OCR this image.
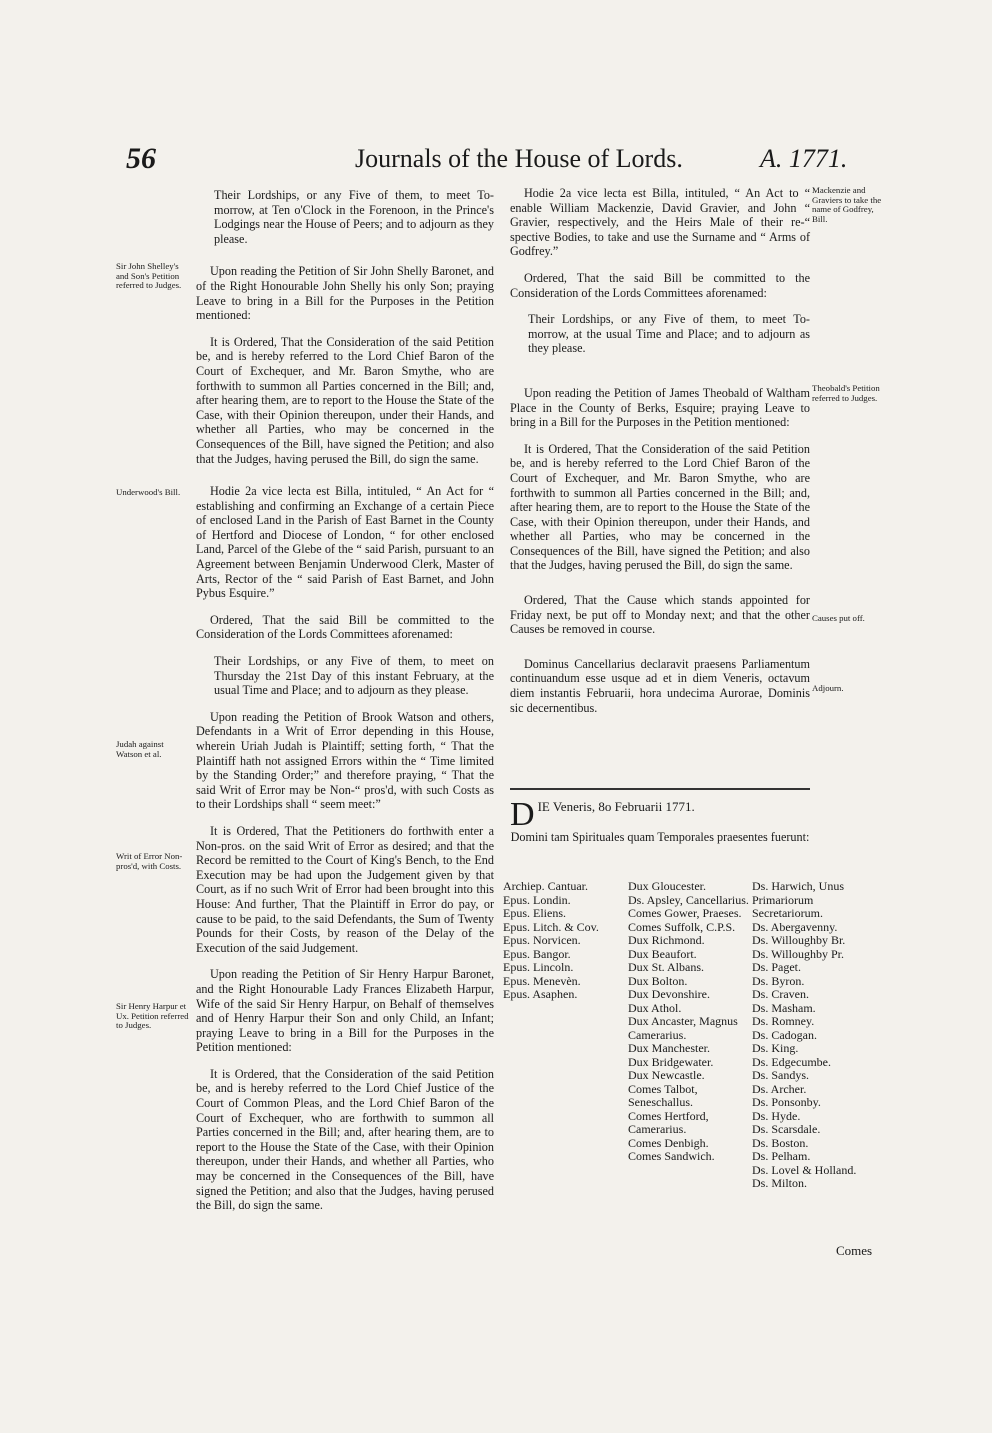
56	Journals of the House of Lords.	A. 1771.
Sir John Shelley's and Son's Petition referred to Judges.
Underwood's Bill.
Judah against Watson et al.
Writ of Error Non-pros'd, with Costs.
Sir Henry Harpur et Ux. Petition referred to Judges.

Their Lordships, or any Five of them, to meet To-morrow, at Ten o'Clock in the Forenoon, in the Prince's Lodgings near the House of Peers; and to adjourn as they please.

Upon reading the Petition of Sir John Shelly Baronet, and of the Right Honourable John Shelly his only Son; praying Leave to bring in a Bill for the Purposes in the Petition mentioned:

It is Ordered, That the Consideration of the said Petition be, and is hereby referred to the Lord Chief Baron of the Court of Exchequer, and Mr. Baron Smythe, who are forthwith to summon all Parties concerned in the Bill; and, after hearing them, are to report to the House the State of the Case, with their Opinion thereupon, under their Hands, and whether all Parties, who may be concerned in the Consequences of the Bill, have signed the Petition; and also that the Judges, having perused the Bill, do sign the same.

Hodie 2a vice lecta est Billa, intituled, “ An Act for “ establishing and confirming an Exchange of a certain Piece of enclosed Land in the Parish of East Barnet in the County of Hertford and Diocese of London, “ for other enclosed Land, Parcel of the Glebe of the “ said Parish, pursuant to an Agreement between Benjamin Underwood Clerk, Master of Arts, Rector of the “ said Parish of East Barnet, and John Pybus Esquire.”

Ordered, That the said Bill be committed to the Consideration of the Lords Committees aforenamed:

Their Lordships, or any Five of them, to meet on Thursday the 21st Day of this instant February, at the usual Time and Place; and to adjourn as they please.

Upon reading the Petition of Brook Watson and others, Defendants in a Writ of Error depending in this House, wherein Uriah Judah is Plaintiff; setting forth, “ That the Plaintiff hath not assigned Errors within the “ Time limited by the Standing Order;” and therefore praying, “ That the said Writ of Error may be Non-“ pros'd, with such Costs as to their Lordships shall “ seem meet:”

It is Ordered, That the Petitioners do forthwith enter a Non-pros. on the said Writ of Error as desired; and that the Record be remitted to the Court of King's Bench, to the End Execution may be had upon the Judgement given by that Court, as if no such Writ of Error had been brought into this House: And further, That the Plaintiff in Error do pay, or cause to be paid, to the said Defendants, the Sum of Twenty Pounds for their Costs, by reason of the Delay of the Execution of the said Judgement.

Upon reading the Petition of Sir Henry Harpur Baronet, and the Right Honourable Lady Frances Elizabeth Harpur, Wife of the said Sir Henry Harpur, on Behalf of themselves and of Henry Harpur their Son and only Child, an Infant; praying Leave to bring in a Bill for the Purposes in the Petition mentioned:

It is Ordered, that the Consideration of the said Petition be, and is hereby referred to the Lord Chief Justice of the Court of Common Pleas, and the Lord Chief Baron of the Court of Exchequer, who are forthwith to summon all Parties concerned in the Bill; and, after hearing them, are to report to the House the State of the Case, with their Opinion thereupon, under their Hands, and whether all Parties, who may be concerned in the Consequences of the Bill, have signed the Petition; and also that the Judges, having perused the Bill, do sign the same.

Mackenzie and Graviers to take the name of Godfrey, Bill.
Theobald's Petition referred to Judges.
Causes put off.
Adjourn.

Hodie 2a vice lecta est Billa, intituled, “ An Act to “ enable William Mackenzie, David Gravier, and John “ Gravier, respectively, and the Heirs Male of their re-“ spective Bodies, to take and use the Surname and “ Arms of Godfrey.”

Ordered, That the said Bill be committed to the Consideration of the Lords Committees aforenamed:

Their Lordships, or any Five of them, to meet To-morrow, at the usual Time and Place; and to adjourn as they please.

Upon reading the Petition of James Theobald of Waltham Place in the County of Berks, Esquire; praying Leave to bring in a Bill for the Purposes in the Petition mentioned:

It is Ordered, That the Consideration of the said Petition be, and is hereby referred to the Lord Chief Baron of the Court of Exchequer, and Mr. Baron Smythe, who are forthwith to summon all Parties concerned in the Bill; and, after hearing them, are to report to the House the State of the Case, with their Opinion thereupon, under their Hands, and whether all Parties, who may be concerned in the Consequences of the Bill, have signed the Petition; and also that the Judges, having perused the Bill, do sign the same.

Ordered, That the Cause which stands appointed for Friday next, be put off to Monday next; and that the other Causes be removed in course.

Dominus Cancellarius declaravit praesens Parliamentum continuandum esse usque ad et in diem Veneris, octavum diem instantis Februarii, hora undecima Aurorae, Dominis sic decernentibus.

DIE Veneris, 8o Februarii 1771.

Domini tam Spirituales quam Temporales praesentes fuerunt:

Archiep. Cantuar.
Epus. Londin.
Epus. Eliens.
Epus. Litch. & Cov.
Epus. Norvicen.
Epus. Bangor.
Epus. Lincoln.
Epus. Menevèn.
Epus. Asaphen.
Dux Gloucester.
Ds. Apsley, Cancellarius.
Comes Gower, Praeses.
Comes Suffolk, C.P.S.
Dux Richmond.
Dux Beaufort.
Dux St. Albans.
Dux Bolton.
Dux Devonshire.
Dux Athol.
Dux Ancaster, Magnus Camerarius.
Dux Manchester.
Dux Bridgewater.
Dux Newcastle.
Comes Talbot, Seneschallus.
Comes Hertford, Camerarius.
Comes Denbigh.
Comes Sandwich.
Ds. Harwich, Unus Primariorum Secretariorum.
Ds. Abergavenny.
Ds. Willoughby Br.
Ds. Willoughby Pr.
Ds. Paget.
Ds. Byron.
Ds. Craven.
Ds. Masham.
Ds. Romney.
Ds. Cadogan.
Ds. King.
Ds. Edgecumbe.
Ds. Sandys.
Ds. Archer.
Ds. Ponsonby.
Ds. Hyde.
Ds. Scarsdale.
Ds. Boston.
Ds. Pelham.
Ds. Lovel & Holland.
Ds. Milton.
Comes
